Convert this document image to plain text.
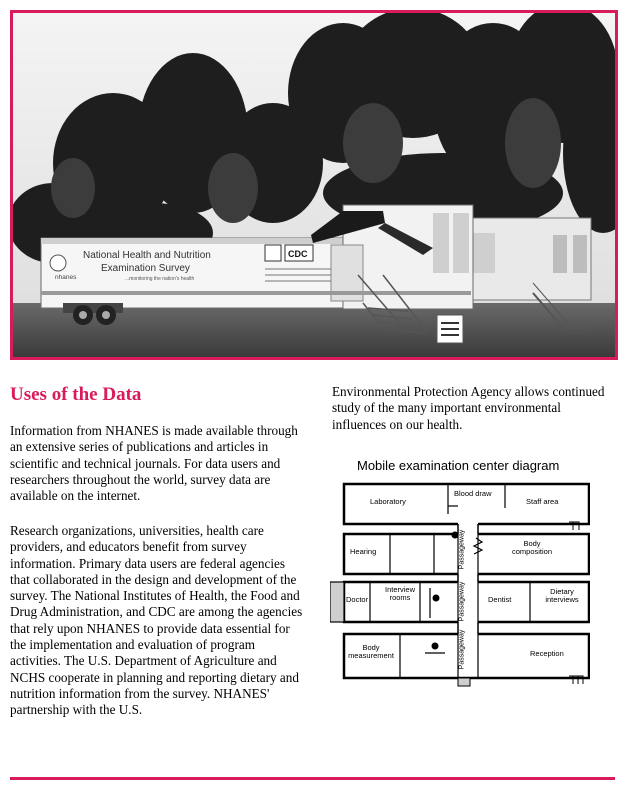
nhanes
National Health and Nutrition
Examination Survey
...monitoring the nation's health
CDC
Uses of the Data

Information from NHANES is made available through an extensive series of publications and articles in scientific and technical journals. For data users and researchers throughout the world, survey data are available on the internet.

Research organizations, universities, health care providers, and educators benefit from survey information. Primary data users are federal agencies that collaborated in the design and development of the survey. The National Institutes of Health, the Food and Drug Administration, and CDC are among the agencies that rely upon NHANES to provide data essential for the implementation and evaluation of program activities. The U.S. Department of Agriculture and NCHS cooperate in planning and reporting dietary and nutrition information from the survey. NHANES' partnership with the U.S.

Environmental Protection Agency allows continued study of the many important environmental influences on our health.

Mobile examination center diagram

Laboratory
Blood draw
Staff area
Hearing
Body composition
Doctor
Interview rooms	Dentist
Dietary interviews
Body measurement	Reception
Passageway
Passageway
Passageway
